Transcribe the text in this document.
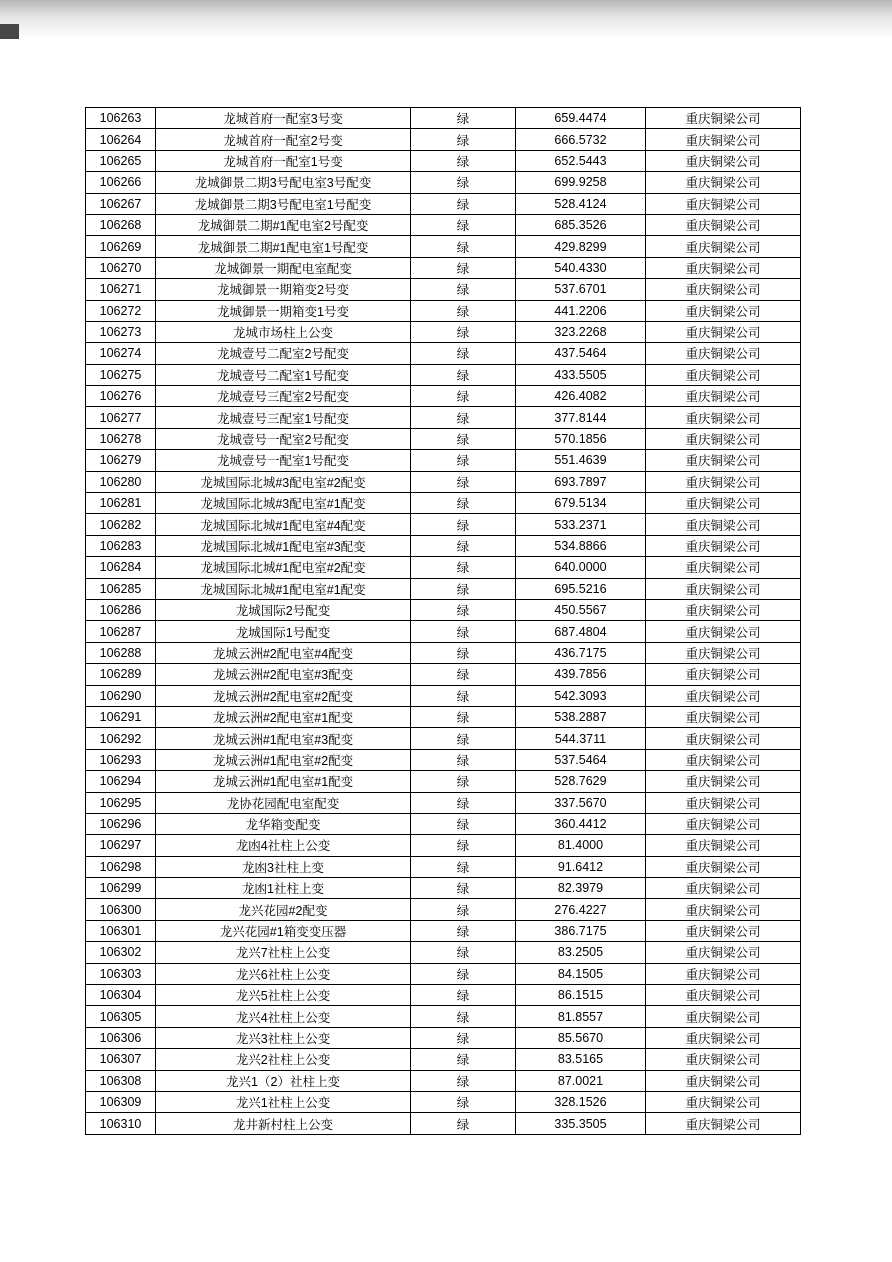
106263	龙城首府一配室3号变	绿	659.4474	重庆铜梁公司
106264	龙城首府一配室2号变	绿	666.5732	重庆铜梁公司
106265	龙城首府一配室1号变	绿	652.5443	重庆铜梁公司
106266	龙城御景二期3号配电室3号配变	绿	699.9258	重庆铜梁公司
106267	龙城御景二期3号配电室1号配变	绿	528.4124	重庆铜梁公司
106268	龙城御景二期#1配电室2号配变	绿	685.3526	重庆铜梁公司
106269	龙城御景二期#1配电室1号配变	绿	429.8299	重庆铜梁公司
106270	龙城御景一期配电室配变	绿	540.4330	重庆铜梁公司
106271	龙城御景一期箱变2号变	绿	537.6701	重庆铜梁公司
106272	龙城御景一期箱变1号变	绿	441.2206	重庆铜梁公司
106273	龙城市场柱上公变	绿	323.2268	重庆铜梁公司
106274	龙城壹号二配室2号配变	绿	437.5464	重庆铜梁公司
106275	龙城壹号二配室1号配变	绿	433.5505	重庆铜梁公司
106276	龙城壹号三配室2号配变	绿	426.4082	重庆铜梁公司
106277	龙城壹号三配室1号配变	绿	377.8144	重庆铜梁公司
106278	龙城壹号一配室2号配变	绿	570.1856	重庆铜梁公司
106279	龙城壹号一配室1号配变	绿	551.4639	重庆铜梁公司
106280	龙城国际北城#3配电室#2配变	绿	693.7897	重庆铜梁公司
106281	龙城国际北城#3配电室#1配变	绿	679.5134	重庆铜梁公司
106282	龙城国际北城#1配电室#4配变	绿	533.2371	重庆铜梁公司
106283	龙城国际北城#1配电室#3配变	绿	534.8866	重庆铜梁公司
106284	龙城国际北城#1配电室#2配变	绿	640.0000	重庆铜梁公司
106285	龙城国际北城#1配电室#1配变	绿	695.5216	重庆铜梁公司
106286	龙城国际2号配变	绿	450.5567	重庆铜梁公司
106287	龙城国际1号配变	绿	687.4804	重庆铜梁公司
106288	龙城云洲#2配电室#4配变	绿	436.7175	重庆铜梁公司
106289	龙城云洲#2配电室#3配变	绿	439.7856	重庆铜梁公司
106290	龙城云洲#2配电室#2配变	绿	542.3093	重庆铜梁公司
106291	龙城云洲#2配电室#1配变	绿	538.2887	重庆铜梁公司
106292	龙城云洲#1配电室#3配变	绿	544.3711	重庆铜梁公司
106293	龙城云洲#1配电室#2配变	绿	537.5464	重庆铜梁公司
106294	龙城云洲#1配电室#1配变	绿	528.7629	重庆铜梁公司
106295	龙协花园配电室配变	绿	337.5670	重庆铜梁公司
106296	龙华箱变配变	绿	360.4412	重庆铜梁公司
106297	龙凼4社柱上公变	绿	81.4000	重庆铜梁公司
106298	龙凼3社柱上变	绿	91.6412	重庆铜梁公司
106299	龙凼1社柱上变	绿	82.3979	重庆铜梁公司
106300	龙兴花园#2配变	绿	276.4227	重庆铜梁公司
106301	龙兴花园#1箱变变压器	绿	386.7175	重庆铜梁公司
106302	龙兴7社柱上公变	绿	83.2505	重庆铜梁公司
106303	龙兴6社柱上公变	绿	84.1505	重庆铜梁公司
106304	龙兴5社柱上公变	绿	86.1515	重庆铜梁公司
106305	龙兴4社柱上公变	绿	81.8557	重庆铜梁公司
106306	龙兴3社柱上公变	绿	85.5670	重庆铜梁公司
106307	龙兴2社柱上公变	绿	83.5165	重庆铜梁公司
106308	龙兴1（2）社柱上变	绿	87.0021	重庆铜梁公司
106309	龙兴1社柱上公变	绿	328.1526	重庆铜梁公司
106310	龙井新村柱上公变	绿	335.3505	重庆铜梁公司
